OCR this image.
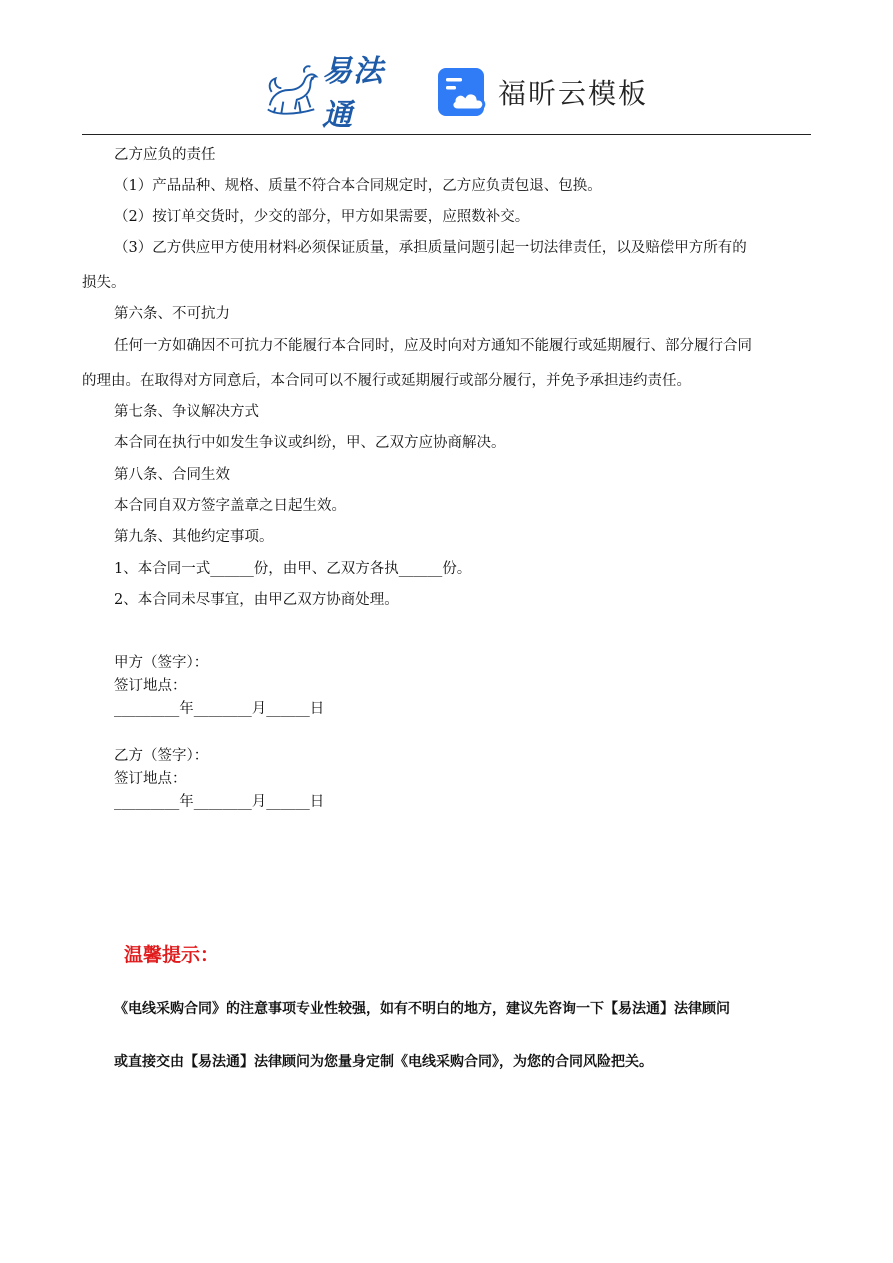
易法通
福昕云模板
乙方应负的责任
（1）产品品种、规格、质量不符合本合同规定时，乙方应负责包退、包换。
（2）按订单交货时，少交的部分，甲方如果需要，应照数补交。
（3）乙方供应甲方使用材料必须保证质量，承担质量问题引起一切法律责任，以及赔偿甲方所有的
损失。
第六条、不可抗力
任何一方如确因不可抗力不能履行本合同时，应及时向对方通知不能履行或延期履行、部分履行合同
的理由。在取得对方同意后，本合同可以不履行或延期履行或部分履行，并免予承担违约责任。
第七条、争议解决方式
本合同在执行中如发生争议或纠纷，甲、乙双方应协商解决。
第八条、合同生效
本合同自双方签字盖章之日起生效。
第九条、其他约定事项。
1、本合同一式______份，由甲、乙双方各执______份。
2、本合同未尽事宜，由甲乙双方协商处理。
甲方（签字）：
签订地点：
_________年________月______日
乙方（签字）：
签订地点：
_________年________月______日
温馨提示：
《电线采购合同》的注意事项专业性较强，如有不明白的地方，建议先咨询一下【易法通】法律顾问
或直接交由【易法通】法律顾问为您量身定制《电线采购合同》，为您的合同风险把关。
